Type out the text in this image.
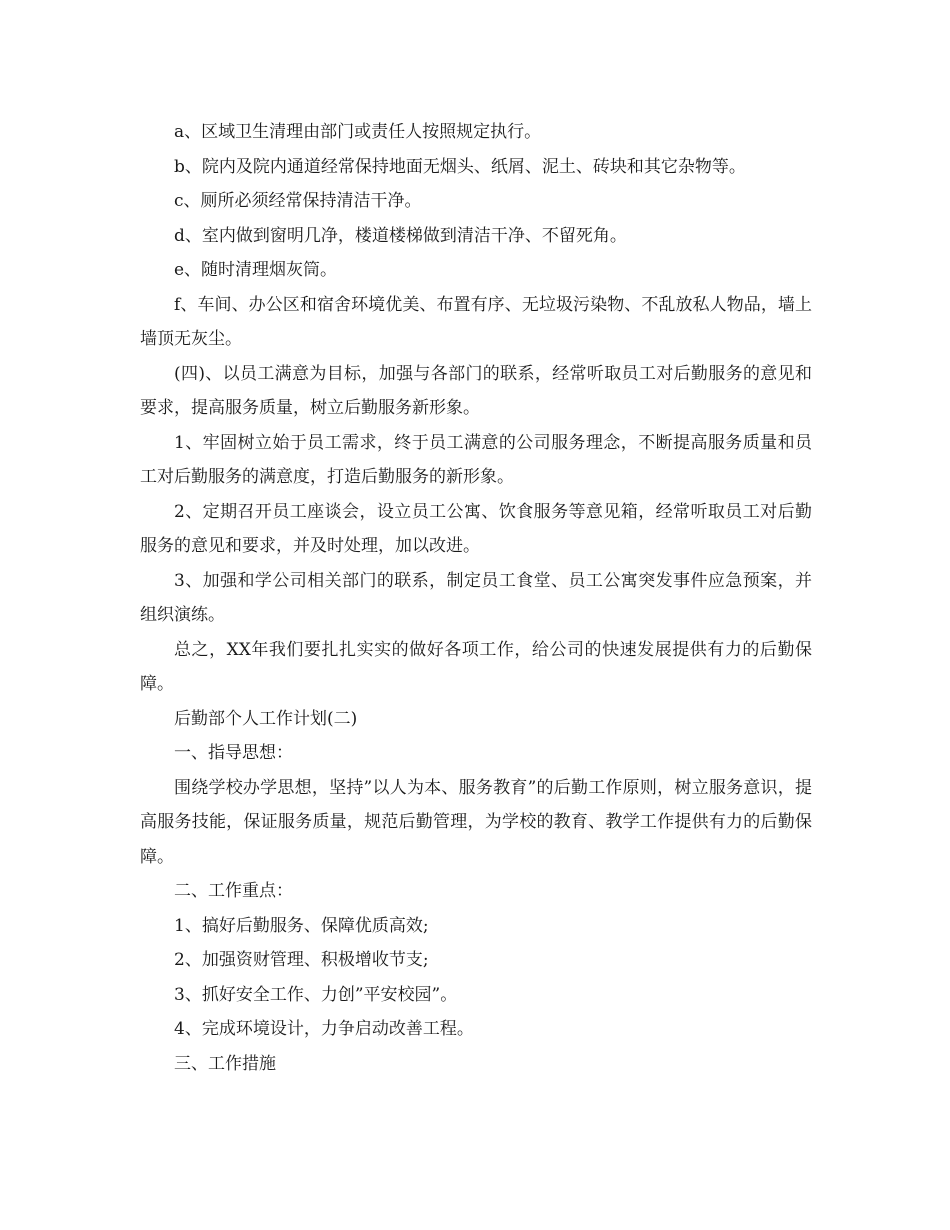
a、区域卫生清理由部门或责任人按照规定执行。

b、院内及院内通道经常保持地面无烟头、纸屑、泥土、砖块和其它杂物等。

c、厕所必须经常保持清洁干净。

d、室内做到窗明几净，楼道楼梯做到清洁干净、不留死角。

e、随时清理烟灰筒。

f、车间、办公区和宿舍环境优美、布置有序、无垃圾污染物、不乱放私人物品，墙上墙顶无灰尘。

(四)、以员工满意为目标，加强与各部门的联系，经常听取员工对后勤服务的意见和要求，提高服务质量，树立后勤服务新形象。

1、牢固树立始于员工需求，终于员工满意的公司服务理念，不断提高服务质量和员工对后勤服务的满意度，打造后勤服务的新形象。

2、定期召开员工座谈会，设立员工公寓、饮食服务等意见箱，经常听取员工对后勤服务的意见和要求，并及时处理，加以改进。

3、加强和学公司相关部门的联系，制定员工食堂、员工公寓突发事件应急预案，并组织演练。

总之，XX年我们要扎扎实实的做好各项工作，给公司的快速发展提供有力的后勤保障。

后勤部个人工作计划(二)

一、指导思想：

围绕学校办学思想，坚持”以人为本、服务教育”的后勤工作原则，树立服务意识，提高服务技能，保证服务质量，规范后勤管理，为学校的教育、教学工作提供有力的后勤保障。

二、工作重点：

1、搞好后勤服务、保障优质高效;

2、加强资财管理、积极增收节支;

3、抓好安全工作、力创”平安校园”。

4、完成环境设计，力争启动改善工程。

三、工作措施
